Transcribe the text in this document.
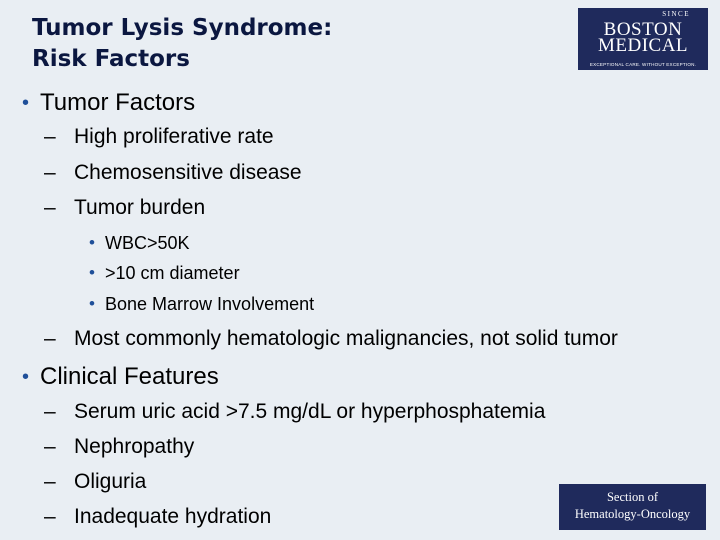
Tumor Lysis Syndrome:
Risk Factors
SINCE
BOSTON
MEDICAL
EXCEPTIONAL CARE. WITHOUT EXCEPTION.
• Tumor Factors
– High proliferative rate
– Chemosensitive disease
– Tumor burden
• WBC>50K
• >10 cm diameter
• Bone Marrow Involvement
– Most commonly hematologic malignancies, not solid tumor
• Clinical Features
– Serum uric acid >7.5 mg/dL or hyperphosphatemia
– Nephropathy
– Oliguria
– Inadequate hydration
Section of
Hematology-Oncology
